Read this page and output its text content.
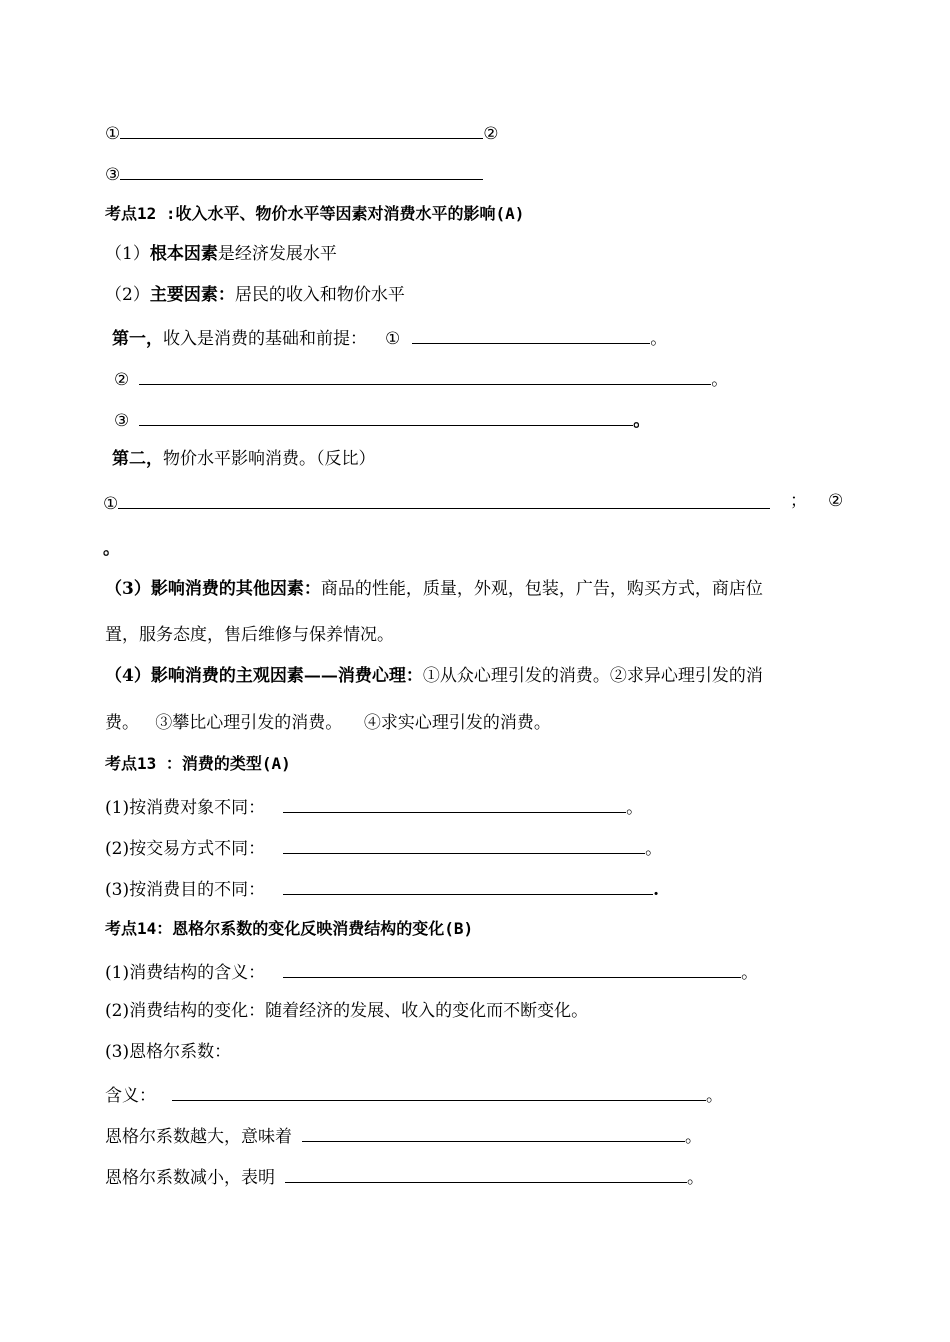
①	②
③
考点12 :收入水平、物价水平等因素对消费水平的影响(A)
（1）根本因素是经济发展水平
（2）主要因素：居民的收入和物价水平
第一，收入是消费的基础和前提： ①	。
②	。
③	。
第二，物价水平影响消费。（反比）
①	； ②
。
（3）影响消费的其他因素：商品的性能，质量，外观，包装，广告，购买方式，商店位
置，服务态度，售后维修与保养情况。
（4）影响消费的主观因素——消费心理：①从众心理引发的消费。②求异心理引发的消
费。   ③攀比心理引发的消费。    ④求实心理引发的消费。
考点13 ：消费的类型(A)
(1)按消费对象不同：	。
(2)按交易方式不同：	。
(3)按消费目的不同：	.
考点14：恩格尔系数的变化反映消费结构的变化(B)
(1)消费结构的含义：	。
(2)消费结构的变化：随着经济的发展、收入的变化而不断变化。
(3)恩格尔系数：
含义：	。
恩格尔系数越大，意味着	。
恩格尔系数减小，表明	。
